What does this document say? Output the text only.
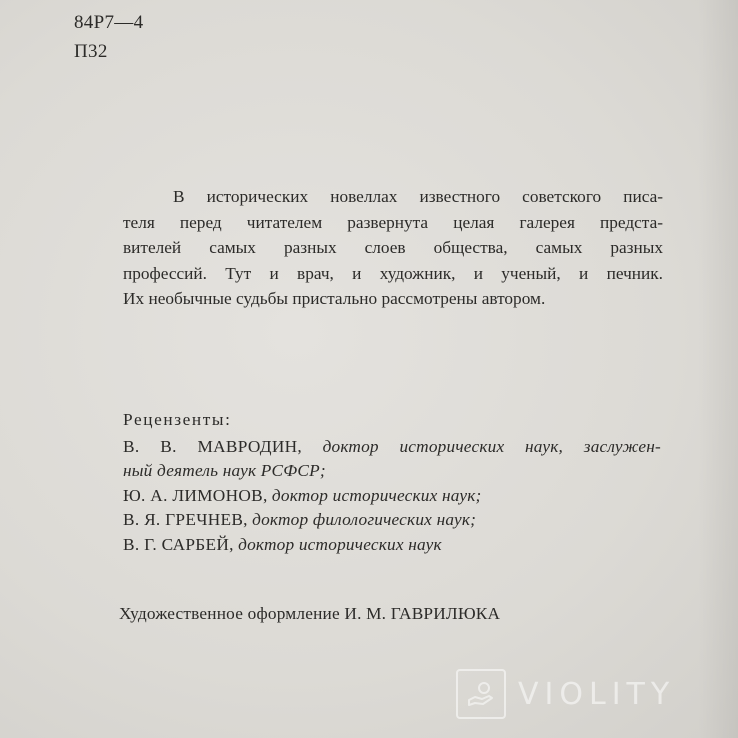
84Р7—4
П32
В исторических новеллах известного советского писа-
теля перед читателем развернута целая галерея предста-
вителей самых разных слоев общества, самых разных
профессий. Тут и врач, и художник, и ученый, и печник.
Их необычные судьбы пристально рассмотрены автором.
Рецензенты:
В. В. МАВРОДИН, доктор исторических наук, заслужен-
ный деятель наук РСФСР;
Ю. А. ЛИМОНОВ, доктор исторических наук;
В. Я. ГРЕЧНЕВ, доктор филологических наук;
В. Г. САРБЕЙ, доктор исторических наук
Художественное оформление И. М. ГАВРИЛЮКА
VIOLITY
